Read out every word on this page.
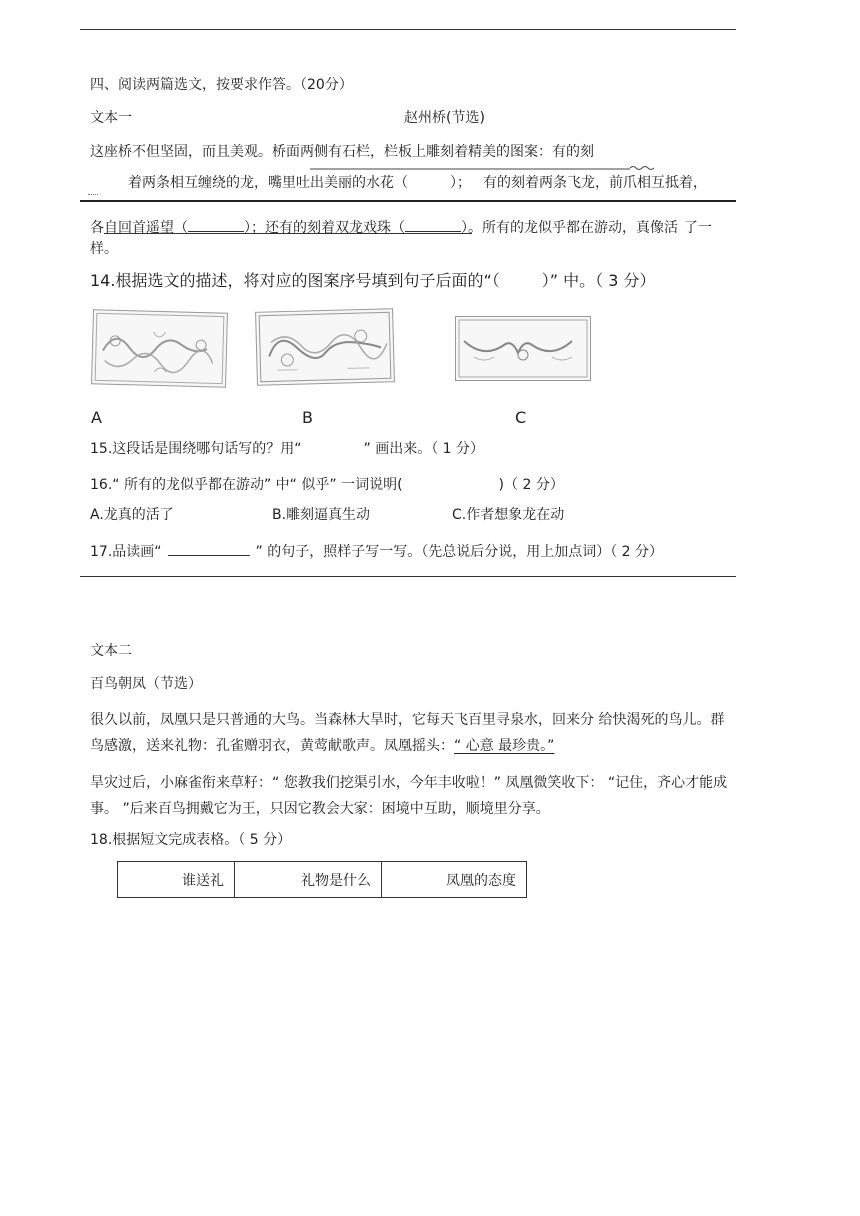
四、阅读两篇选文，按要求作答。（20分）
文本一	赵州桥(节选)
这座桥不但坚固，而且美观。桥面两侧有石栏，栏板上雕刻着精美的图案：有的刻
着两条相互缠绕的龙，嘴里吐出美丽的水花（	）； 有的刻着两条飞龙，前爪相互抵着，
各自回首遥望（	）；还有的刻着双龙戏珠（	）。所有的龙似乎都在游动，真像活 了一
样。
14.根据选文的描述，将对应的图案序号填到句子后面的“（	）” 中。（ 3 分）
A	B	C
15.这段话是围绕哪句话写的？用“	” 画出来。（ 1 分）
16.“ 所有的龙似乎都在游动” 中“ 似乎” 一词说明(	)（ 2 分）
A.龙真的活了	B.雕刻逼真生动	C.作者想象龙在动
17.品读画“	” 的句子，照样子写一写。（先总说后分说，用上加点词）（ 2 分）
文本二
百鸟朝凤（节选）
很久以前，凤凰只是只普通的大鸟。当森林大旱时，它每天飞百里寻泉水，回来分 给快渴死的鸟儿。群
鸟感激，送来礼物：孔雀赠羽衣，黄莺献歌声。凤凰摇头：“ 心意 最珍贵。”
旱灾过后，小麻雀衔来草籽：“ 您教我们挖渠引水，今年丰收啦！” 凤凰微笑收下： “记住，齐心才能成
事。 ”后来百鸟拥戴它为王，只因它教会大家：困境中互助，顺境里分享。
18.根据短文完成表格。（ 5 分）
谁送礼	礼物是什么	凤凰的态度
